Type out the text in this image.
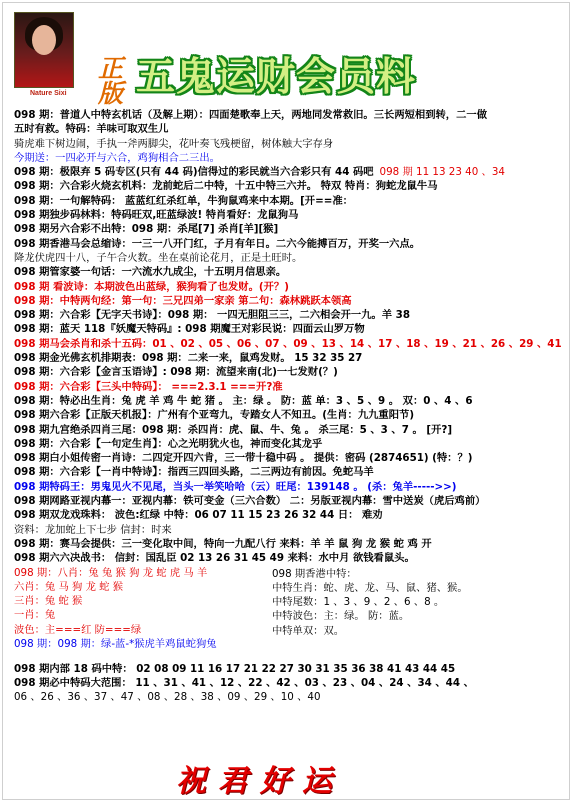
Nature Sixi
正版 五鬼运财会员料
098 期：普道人中特玄机话（及解上期）：四面楚歌奉上天，两地同发常救旧。三长两短相到转，二一做
五时有救。特码：羊味可取双生儿
骑虎难下树边闹，手执一斧两脚尖，花叶奏飞残梗留，树体触大字存身
今期送：一四必开与六合，鸡狗相合二三出。
098 期：极限弃 5 码专区(只有 44 码)信得过的彩民就当六合彩只有 44 码吧 098 期 11 13 23 40 、34
098 期：六合彩火烧玄机料：龙前蛇后二中特，十五中特三六并。 特双 特肖：狗蛇龙鼠牛马
098 期：一句解特码： 蓝蓝红红杀红单，牛狗鼠鸡来中本期。[开==准：
098 期独步码林料：特码旺双,旺蓝绿波! 特肖看好：龙鼠狗马
098 期另六合彩不出特：098 期：杀尾[7] 杀肖[羊][猴]
098 期香港马会总缩诗：一三一八开门红，子月有年日。二六今能搏百万，开奖一六点。
降龙伏虎四十八，子午合火数。坐在桌前论花月，正是土旺时。
098 期管家婆一句话：一六流水九成尘，十五明月信思亲。
098 期 看波诗：本期波色出蓝绿，猴狗看了也发财。(开？)
098 期：中特两句经：第一句：三兄四弟一家亲 第二句：森林跳跃本领高
098 期：六合彩【无字天书诗】：098 期： 一四无胆阻三三，二六相会开一九。羊 38
098 期：蓝天 118『妖魔天特码』: 098 期魔王对彩民说：四面云山罗万物
098 期马会杀肖和杀十五码：01 、02 、05 、06 、07 、09 、13 、14 、17 、18 、19 、21 、26 、29 、41
098 期金光佛玄机排期表：098 期：二来一来，鼠鸡发财。 15 32 35 27
098 期：六合彩【金言玉语诗】: 098 期：流望来南(北)一七发财(？)
098 期：六合彩【三头中特码】： ===2.3.1 ===开?准
098 期：特必出生肖：兔 虎 羊 鸡 牛 蛇 猪 。 主：绿 。 防：蓝 单：3 、5 、9 。 双：0 、4 、6
098 期六合彩【正版天机报】：广州有个亚弯九，专踏女人不知丑。(生肖：九九重阳节)
098 期九宫绝杀四肖三尾：098 期：杀四肖：虎、鼠、牛、兔 。 杀三尾：5 、3 、7 。 [开?]
098 期：六合彩【一句定生肖】：心之光明犹火也，神而变化其龙乎
098 期白小姐传密一肖诗：二四定开四六肯，三一带十稳中码 。 提供：密码 (2874651) (特：？)
098 期：六合彩【一肖中特诗】：指西三四回头路，二三两边有前因。免蛇马羊
098 期特码王：男鬼见火不见尾，当头一举笑哈哈（云）旺尾：139148 。 (杀：兔羊----->>)
098 期网路亚视内幕一：亚视内幕：铁可变金（三六合数） 二：另版亚视内幕：雪中送炭（虎后鸡前）
098 期双龙戏珠料： 波色:红绿 中特：06 07 11 15 23 26 32 44 日： 难劝
资料：龙加蛇上下七步 信封：时来
098 期：赛马会提供：三一变化取中间，特向一九配八行 来料：羊 羊 鼠 狗 龙 猴 蛇 鸡 开
098 期六六决战书： 信封：国乱臣 02 13 26 31 45 49 来料：水中月 欲钱看鼠头。
098 期：八肖：兔 兔 猴 狗 龙 蛇 虎 马 羊
六肖：兔 马 狗 龙 蛇 猴
三肖：兔 蛇 猴
一肖：兔
波色：主===红 防===绿
098 期：098 期：绿-蓝-*猴虎羊鸡鼠蛇狗兔
098 期香港中特：
中特生肖：蛇、虎、龙、马、鼠、猪、猴。
中特尾数：1 、3 、9 、2 、6 、8 。
中特波色：主：绿。 防：蓝。
中特单双：双。
098 期内部 18 码中特： 02 08 09 11 16 17 21 22 27 30 31 35 36 38 41 43 44 45
098 期必中特码大范围： 11 、31 、41 、12 、22 、42 、03 、23 、04 、24 、34 、44 、
06 、26 、36 、37 、47 、08 、28 、38 、09 、29 、10 、40
祝君好运
